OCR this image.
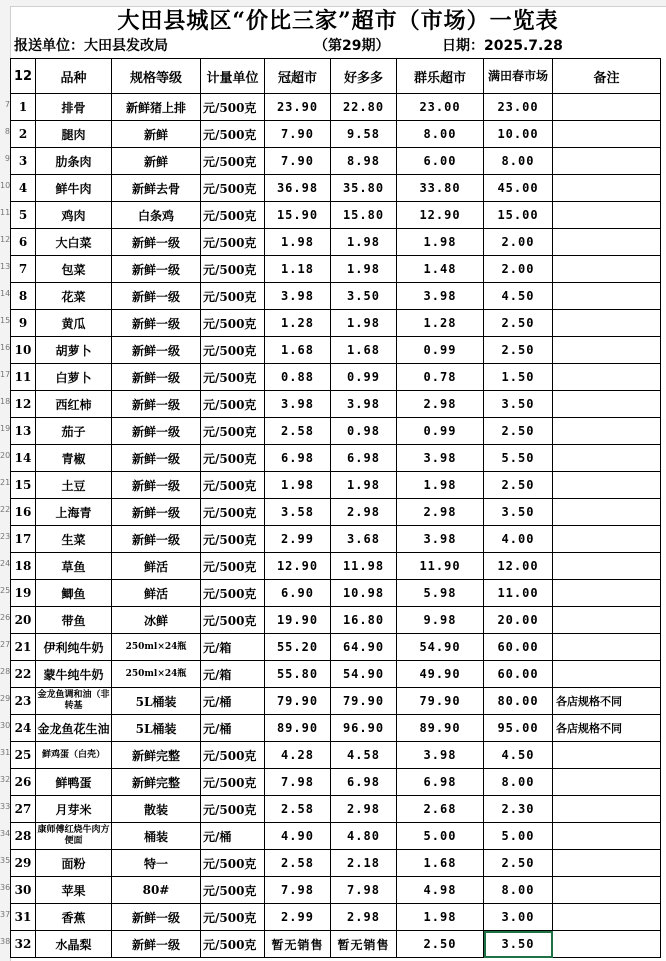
7
8
9
10
11
12
13
14
15
16
17
18
19
20
21
22
23
24
25
26
27
28
29
30
31
32
33
34
35
36
37
38
大田县城区“价比三家”超市（市场）一览表
报送单位：大田县发改局	（第29期）	日期：2025.7.28
12	品种	规格等级	计量单位	冠超市	好多多	群乐超市	满田春市场	备注
1	排骨	新鲜猪上排	元/500克	23.90	22.80	23.00	23.00	
2	腿肉	新鲜	元/500克	7.90	9.58	8.00	10.00	
3	肋条肉	新鲜	元/500克	7.90	8.98	6.00	8.00	
4	鲜牛肉	新鲜去骨	元/500克	36.98	35.80	33.80	45.00	
5	鸡肉	白条鸡	元/500克	15.90	15.80	12.90	15.00	
6	大白菜	新鲜一级	元/500克	1.98	1.98	1.98	2.00	
7	包菜	新鲜一级	元/500克	1.18	1.98	1.48	2.00	
8	花菜	新鲜一级	元/500克	3.98	3.50	3.98	4.50	
9	黄瓜	新鲜一级	元/500克	1.28	1.98	1.28	2.50	
10	胡萝卜	新鲜一级	元/500克	1.68	1.68	0.99	2.50	
11	白萝卜	新鲜一级	元/500克	0.88	0.99	0.78	1.50	
12	西红柿	新鲜一级	元/500克	3.98	3.98	2.98	3.50	
13	茄子	新鲜一级	元/500克	2.58	0.98	0.99	2.50	
14	青椒	新鲜一级	元/500克	6.98	6.98	3.98	5.50	
15	土豆	新鲜一级	元/500克	1.98	1.98	1.98	2.50	
16	上海青	新鲜一级	元/500克	3.58	2.98	2.98	3.50	
17	生菜	新鲜一级	元/500克	2.99	3.68	3.98	4.00	
18	草鱼	鲜活	元/500克	12.90	11.98	11.90	12.00	
19	鲫鱼	鲜活	元/500克	6.90	10.98	5.98	11.00	
20	带鱼	冰鲜	元/500克	19.90	16.80	9.98	20.00	
21	伊利纯牛奶	250ml×24瓶	元/箱	55.20	64.90	54.90	60.00	
22	蒙牛纯牛奶	250ml×24瓶	元/箱	55.80	54.90	49.90	60.00	
23	金龙鱼调和油（非转基	5L桶装	元/桶	79.90	79.90	79.90	80.00	各店规格不同
24	金龙鱼花生油	5L桶装	元/桶	89.90	96.90	89.90	95.00	各店规格不同
25	鲜鸡蛋（白壳）	新鲜完整	元/500克	4.28	4.58	3.98	4.50	
26	鲜鸭蛋	新鲜完整	元/500克	7.98	6.98	6.98	8.00	
27	月芽米	散装	元/500克	2.58	2.98	2.68	2.30	
28	康师傅红烧牛肉方便面	桶装	元/桶	4.90	4.80	5.00	5.00	
29	面粉	特一	元/500克	2.58	2.18	1.68	2.50	
30	苹果	80#	元/500克	7.98	7.98	4.98	8.00	
31	香蕉	新鲜一级	元/500克	2.99	2.98	1.98	3.00	
32	水晶梨	新鲜一级	元/500克	暂无销售	暂无销售	2.50	3.50	
